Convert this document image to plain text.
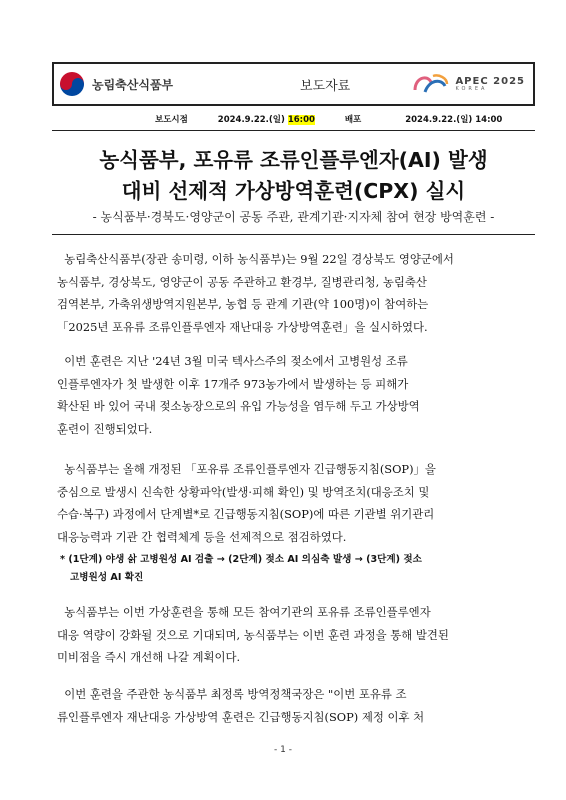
농림축산식품부	보도자료	APEC 2025
KOREA
보도시점	2024.9.22.(일) 16:00	배포	2024.9.22.(일) 14:00
농식품부, 포유류 조류인플루엔자(AI) 발생
대비 선제적 가상방역훈련(CPX) 실시
- 농식품부·경북도·영양군이 공동 주관, 관계기관·지자체 참여 현장 방역훈련 -
농림축산식품부(장관 송미령, 이하 농식품부)는 9월 22일 경상북도 영양군에서
농식품부, 경상북도, 영양군이 공동 주관하고 환경부, 질병관리청, 농림축산
검역본부, 가축위생방역지원본부, 농협 등 관계 기관(약 100명)이 참여하는
「2025년 포유류 조류인플루엔자 재난대응 가상방역훈련」을 실시하였다.
이번 훈련은 지난 '24년 3월 미국 텍사스주의 젖소에서 고병원성 조류
인플루엔자가 첫 발생한 이후 17개주 973농가에서 발생하는 등 피해가
확산된 바 있어 국내 젖소농장으로의 유입 가능성을 염두해 두고 가상방역
훈련이 진행되었다.
농식품부는 올해 개정된 「포유류 조류인플루엔자 긴급행동지침(SOP)」을
중심으로 발생시 신속한 상황파악(발생·피해 확인) 및 방역조치(대응조치 및
수습·복구) 과정에서 단계별*로 긴급행동지침(SOP)에 따른 기관별 위기관리
대응능력과 기관 간 협력체계 등을 선제적으로 점검하였다.
* (1단계) 야생 삵 고병원성 AI 검출 → (2단계) 젖소 AI 의심축 발생 → (3단계) 젖소
고병원성 AI 확진
농식품부는 이번 가상훈련을 통해 모든 참여기관의 포유류 조류인플루엔자
대응 역량이 강화될 것으로 기대되며, 농식품부는 이번 훈련 과정을 통해 발견된
미비점을 즉시 개선해 나갈 계획이다.
이번 훈련을 주관한 농식품부 최정록 방역정책국장은 "이번 포유류 조
류인플루엔자 재난대응 가상방역 훈련은 긴급행동지침(SOP) 제정 이후 처
- 1 -
